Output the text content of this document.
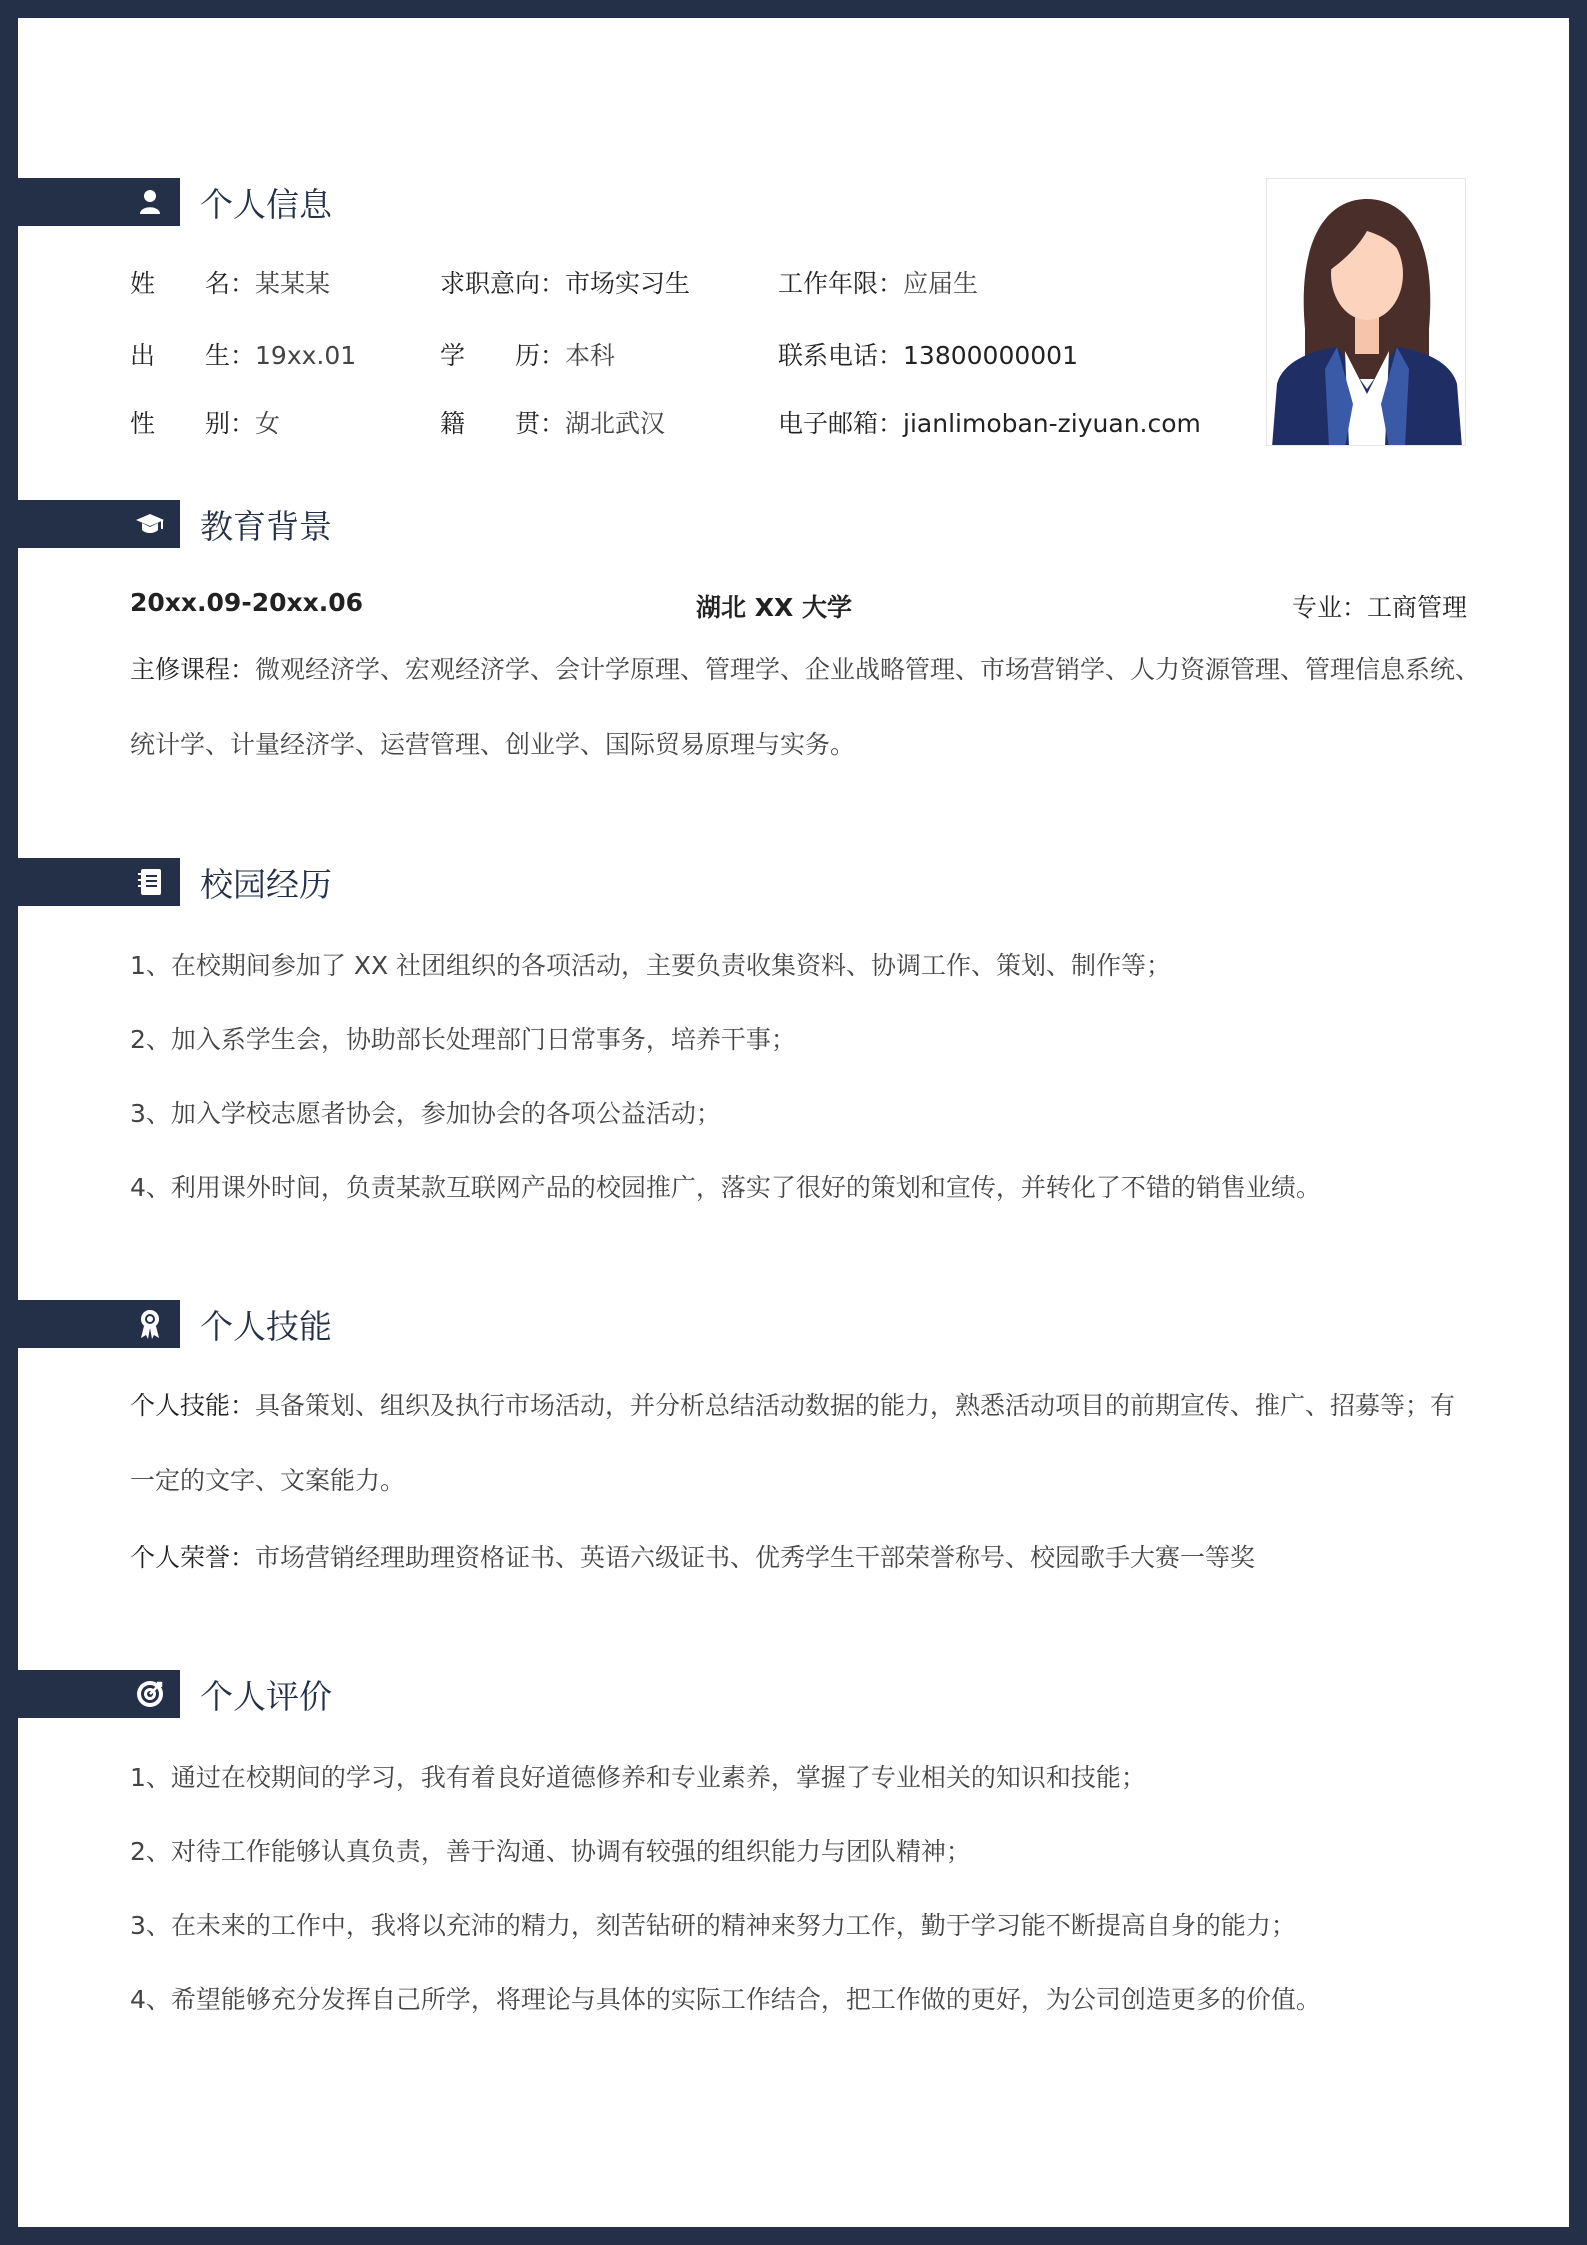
个人信息
姓　　名：某某某	求职意向：市场实习生	工作年限：应届生
出　　生：19xx.01	学　　历：本科	联系电话：13800000001
性　　别：女	籍　　贯：湖北武汉	电子邮箱：jianlimoban-ziyuan.com
教育背景
20xx.09-20xx.06	湖北 XX 大学	专业：工商管理
主修课程：微观经济学、宏观经济学、会计学原理、管理学、企业战略管理、市场营销学、人力资源管理、管理信息系统、统计学、计量经济学、运营管理、创业学、国际贸易原理与实务。
校园经历
1、在校期间参加了 XX 社团组织的各项活动，主要负责收集资料、协调工作、策划、制作等；
2、加入系学生会，协助部长处理部门日常事务，培养干事；
3、加入学校志愿者协会，参加协会的各项公益活动；
4、利用课外时间，负责某款互联网产品的校园推广，落实了很好的策划和宣传，并转化了不错的销售业绩。
个人技能
个人技能：具备策划、组织及执行市场活动，并分析总结活动数据的能力，熟悉活动项目的前期宣传、推广、招募等；有一定的文字、文案能力。
个人荣誉：市场营销经理助理资格证书、英语六级证书、优秀学生干部荣誉称号、校园歌手大赛一等奖
个人评价
1、通过在校期间的学习，我有着良好道德修养和专业素养，掌握了专业相关的知识和技能；
2、对待工作能够认真负责，善于沟通、协调有较强的组织能力与团队精神；
3、在未来的工作中，我将以充沛的精力，刻苦钻研的精神来努力工作，勤于学习能不断提高自身的能力；
4、希望能够充分发挥自己所学，将理论与具体的实际工作结合，把工作做的更好，为公司创造更多的价值。
